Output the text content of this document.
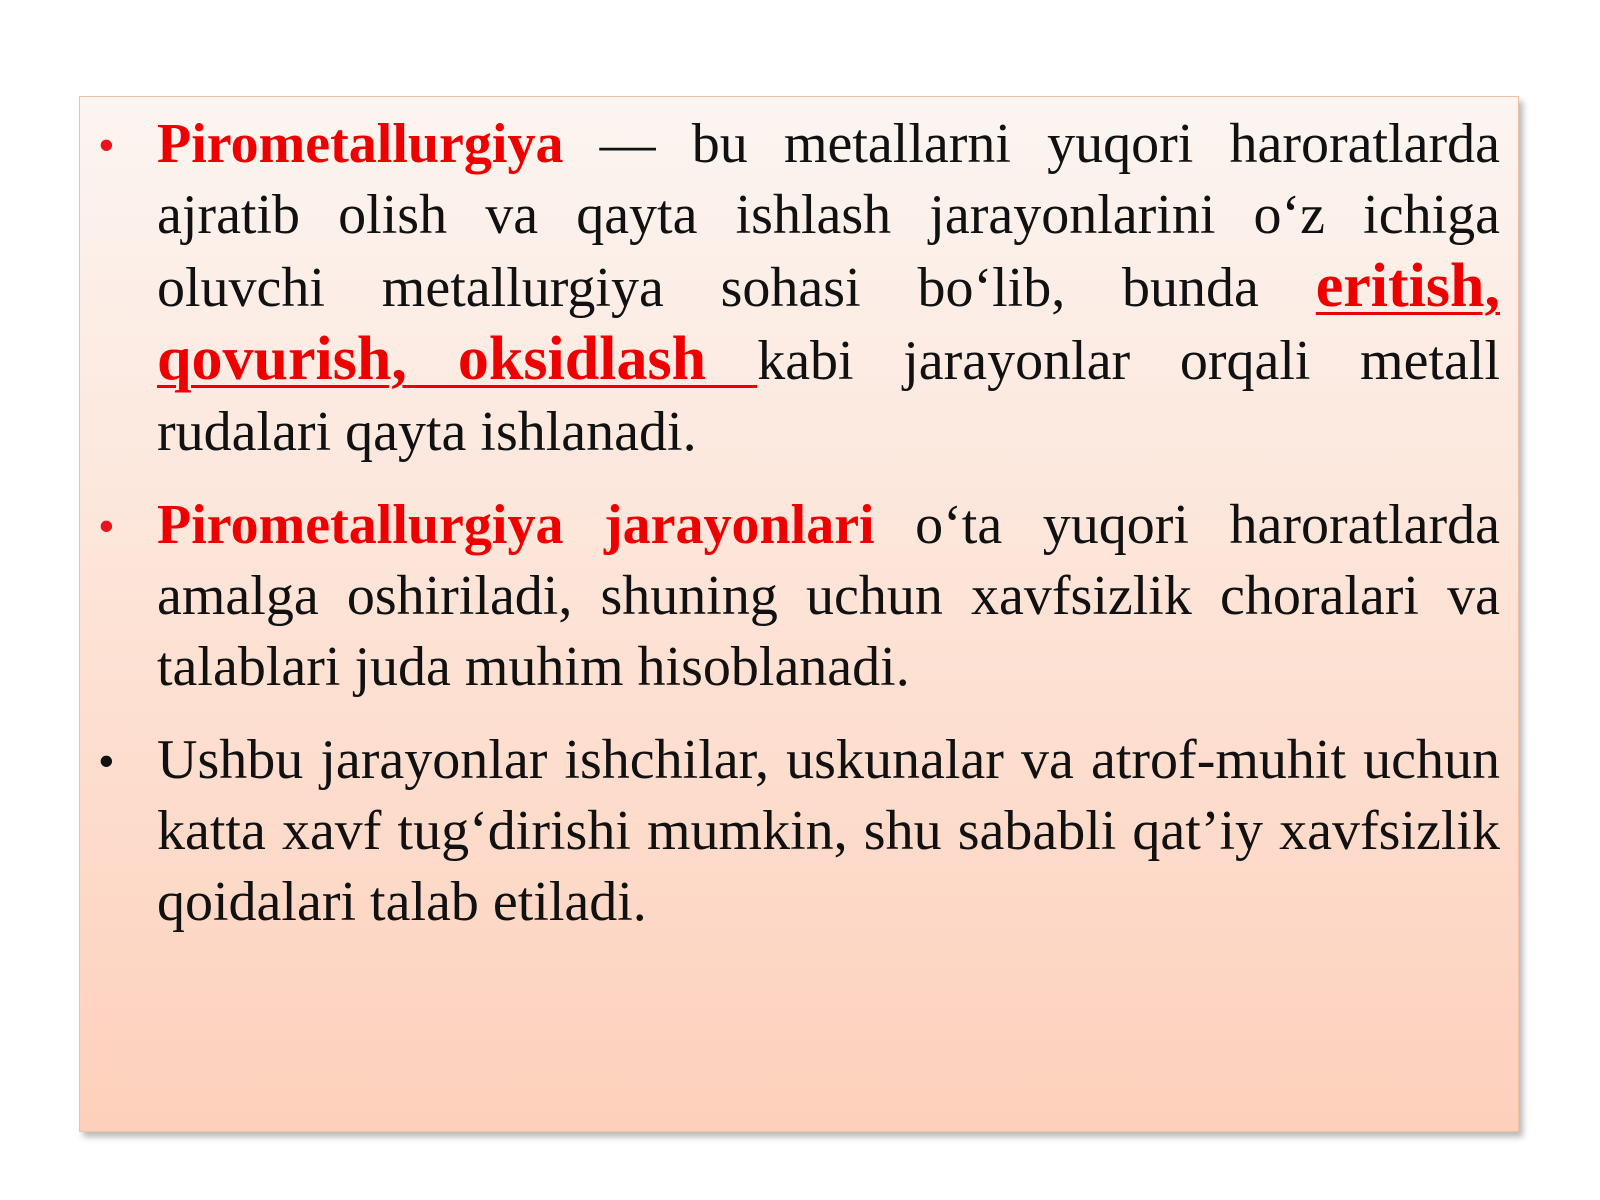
• Pirometallurgiya — bu metallarni yuqori haroratlarda ajratib olish va qayta ishlash jarayonlarini o‘z ichiga oluvchi metallurgiya sohasi bo‘lib, bunda eritish, qovurish, oksidlash kabi jarayonlar orqali metall rudalari qayta ishlanadi.
• Pirometallurgiya jarayonlari o‘ta yuqori haroratlarda amalga oshiriladi, shuning uchun xavfsizlik choralari va talablari juda muhim hisoblanadi.
• Ushbu jarayonlar ishchilar, uskunalar va atrof-muhit uchun katta xavf tug‘dirishi mumkin, shu sababli qat’iy xavfsizlik qoidalari talab etiladi.
